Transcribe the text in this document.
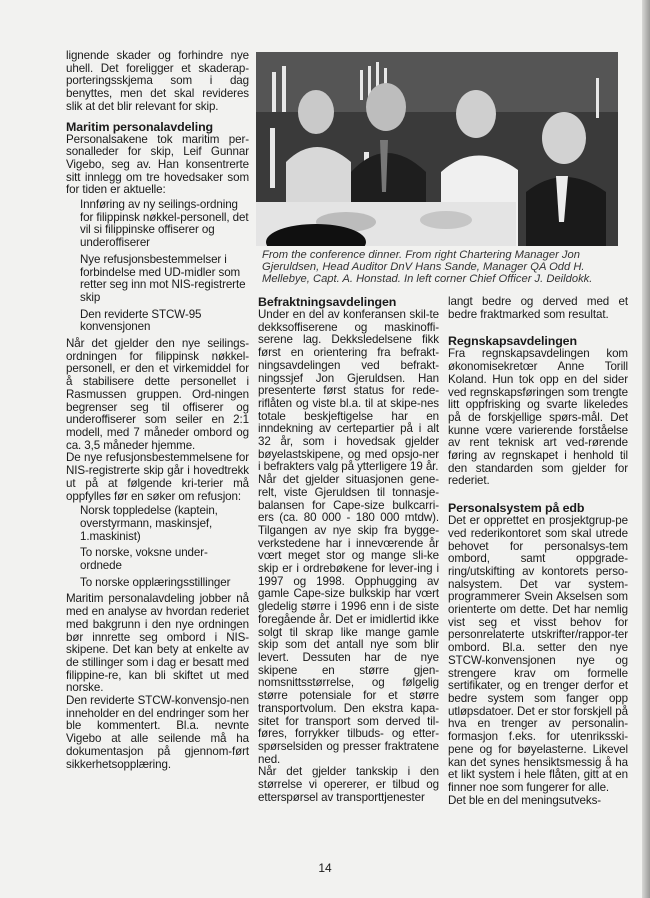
lignende skader og forhindre nye uhell. Det foreligger et skaderap-porteringsskjema som i dag benyttes, men det skal revideres slik at det blir relevant for skip.

Maritim personalavdeling

Personalsakene tok maritim per-sonalleder for skip, Leif Gunnar Vigebo, seg av. Han konsentrerte sitt innlegg om tre hovedsaker som for tiden er aktuelle:

Innføring av ny seilings-ordning for filippinsk nøkkel-personell, det vil si filippinske offiserer og underoffiserer
Nye refusjonsbestemmelser i forbindelse med UD-midler som retter seg inn mot NIS-registrerte skip
Den reviderte STCW-95 konvensjonen

Når det gjelder den nye seilings-ordningen for filippinsk nøkkel-personell, er den et virkemiddel for å stabilisere dette personellet i Rasmussen gruppen. Ord-ningen begrenser seg til offiserer og underoffiserer som seiler en 2:1 modell, med 7 måneder ombord og ca. 3,5 måneder hjemme.

De nye refusjonsbestemmelsene for NIS-registrerte skip går i hovedtrekk ut på at følgende kri-terier må oppfylles før en søker om refusjon:

Norsk toppledelse (kaptein, overstyrmann, maskinsjef, 1.maskinist)
To norske, voksne under-ordnede
To norske opplæringsstillinger

Maritim personalavdeling jobber nå med en analyse av hvordan rederiet med bakgrunn i den nye ordningen bør innrette seg ombord i NIS-skipene. Det kan bety at enkelte av de stillinger som i dag er besatt med filippine-re, kan bli skiftet ut med norske.

Den reviderte STCW-konvensjo-nen inneholder en del endringer som her ble kommentert. Bl.a. nevnte Vigebo at alle seilende må ha dokumentasjon på gjennom-ført sikkerhetsopplæring.

From the conference dinner. From right Chartering Manager Jon Gjeruldsen, Head Auditor DnV Hans Sande, Manager QA Odd H. Mellebye, Capt. A. Honstad. In left corner Chief Officer J. Deildokk.
Befraktningsavdelingen

Under en del av konferansen skil-te dekksoffiserene og maskinoffi-serene lag. Dekksledelsene fikk først en orientering fra befrakt-ningsavdelingen ved befrakt-ningssjef Jon Gjeruldsen. Han presenterte først status for rede-riflåten og viste bl.a. til at skipe-nes totale beskjeftigelse har en inndekning av certepartier på i alt 32 år, som i hovedsak gjelder bøyelastskipene, og med opsjo-ner i befrakters valg på ytterligere 19 år.

Når det gjelder situasjonen gene-relt, viste Gjeruldsen til tonnasje-balansen for Cape-size bulkcarri-ers (ca. 80 000 - 180 000 mtdw). Tilgangen av nye skip fra bygge-verkstedene har i innevœrende år vœrt meget stor og mange sli-ke skip er i ordrebøkene for lever-ing i 1997 og 1998. Opphugging av gamle Cape-size bulkskip har vœrt gledelig større i 1996 enn i de siste foregående år. Det er imidlertid ikke solgt til skrap like mange gamle skip som det antall nye som blir levert. Dessuten har de nye skipene en større gjen-nomsnittsstørrelse, og følgelig større potensiale for et større transportvolum. Den ekstra kapa-sitet for transport som derved til-føres, forrykker tilbuds- og etter-spørselsiden og presser fraktratene ned.

Når det gjelder tankskip i den størrelse vi opererer, er tilbud og etterspørsel av transporttjenester

langt bedre og derved med et bedre fraktmarked som resultat.

Regnskapsavdelingen

Fra regnskapsavdelingen kom økonomisekretœr Anne Torill Koland. Hun tok opp en del sider ved regnskapsføringen som trengte litt oppfrisking og svarte likeledes på de forskjellige spørs-mål. Det kunne vœre varierende forståelse av rent teknisk art ved-rørende føring av regnskapet i henhold til den standarden som gjelder for rederiet.

Personalsystem på edb

Det er opprettet en prosjektgrup-pe ved rederikontoret som skal utrede behovet for personalsys-tem ombord, samt oppgrade-ring/utskifting av kontorets perso-nalsystem. Det var system-programmerer Svein Akselsen som orienterte om dette. Det har nemlig vist seg et visst behov for personrelaterte utskrifter/rappor-ter ombord. Bl.a. setter den nye STCW-konvensjonen nye og strengere krav om formelle sertifikater, og en trenger derfor et bedre system som fanger opp utløpsdatoer. Det er stor forskjell på hva en trenger av personalin-formasjon f.eks. for utenriksski-pene og for bøyelasterne. Likevel kan det synes hensiktsmessig å ha et likt system i hele flåten, gitt at en finner noe som fungerer for alle.

Det ble en del meningsutveks-

14
